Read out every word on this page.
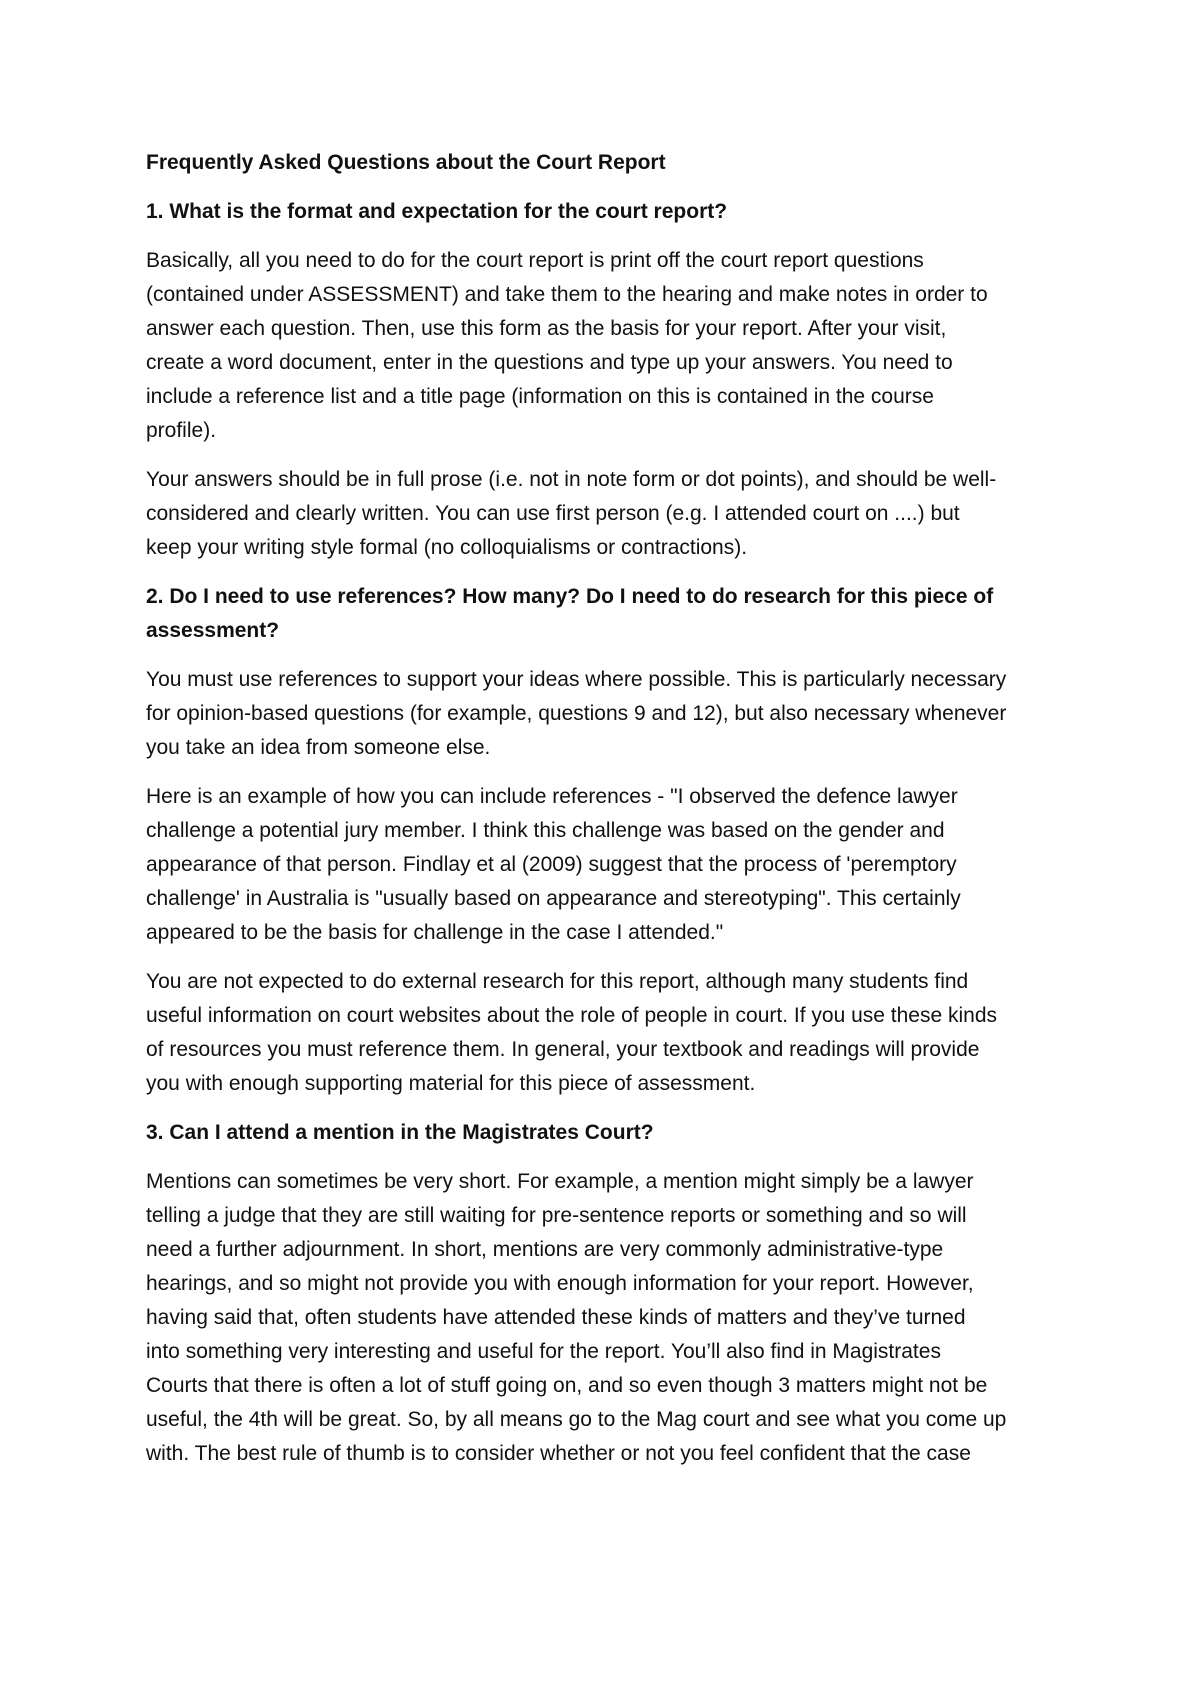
Frequently Asked Questions about the Court Report
1. What is the format and expectation for the court report?
Basically, all you need to do for the court report is print off the court report questions
(contained under ASSESSMENT) and take them to the hearing and make notes in order to
answer each question. Then, use this form as the basis for your report. After your visit,
create a word document, enter in the questions and type up your answers. You need to
include a reference list and a title page (information on this is contained in the course
profile).
Your answers should be in full prose (i.e. not in note form or dot points), and should be well-
considered and clearly written. You can use first person (e.g. I attended court on ....) but
keep your writing style formal (no colloquialisms or contractions).
2. Do I need to use references? How many? Do I need to do research for this piece of
assessment?
You must use references to support your ideas where possible. This is particularly necessary
for opinion-based questions (for example, questions 9 and 12), but also necessary whenever
you take an idea from someone else.
Here is an example of how you can include references - "I observed the defence lawyer
challenge a potential jury member. I think this challenge was based on the gender and
appearance of that person. Findlay et al (2009) suggest that the process of 'peremptory
challenge' in Australia is "usually based on appearance and stereotyping". This certainly
appeared to be the basis for challenge in the case I attended."
You are not expected to do external research for this report, although many students find
useful information on court websites about the role of people in court. If you use these kinds
of resources you must reference them. In general, your textbook and readings will provide
you with enough supporting material for this piece of assessment.
3. Can I attend a mention in the Magistrates Court?
Mentions can sometimes be very short. For example, a mention might simply be a lawyer
telling a judge that they are still waiting for pre-sentence reports or something and so will
need a further adjournment. In short, mentions are very commonly administrative-type
hearings, and so might not provide you with enough information for your report. However,
having said that, often students have attended these kinds of matters and they’ve turned
into something very interesting and useful for the report. You’ll also find in Magistrates
Courts that there is often a lot of stuff going on, and so even though 3 matters might not be
useful, the 4th will be great. So, by all means go to the Mag court and see what you come up
with. The best rule of thumb is to consider whether or not you feel confident that the case
